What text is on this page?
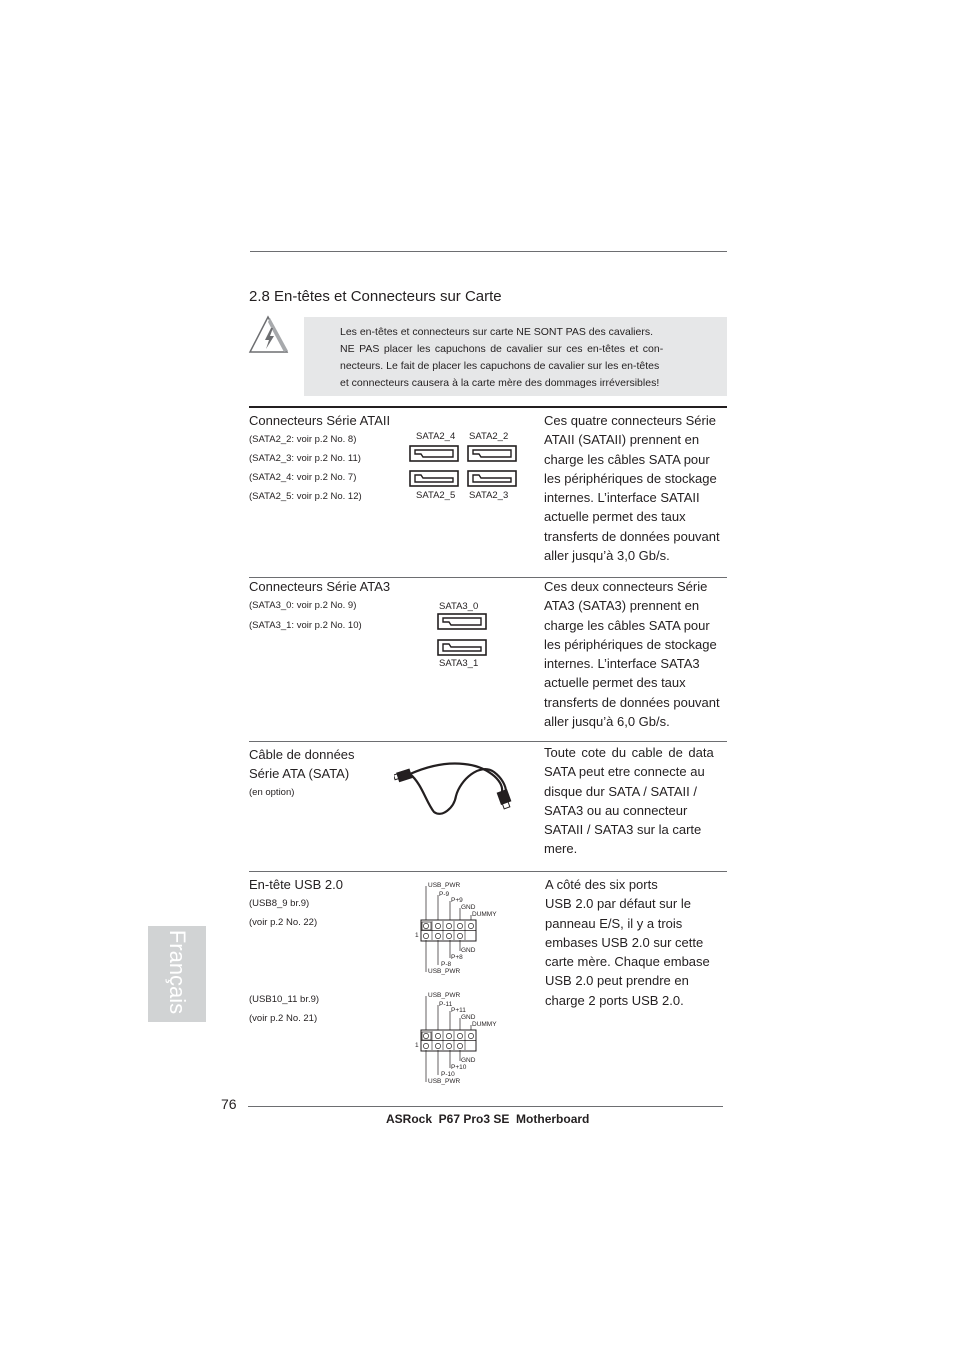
2.8 En-têtes et Connecteurs sur Carte
Les en-têtes et connecteurs sur carte NE SONT PAS des cavaliers.
NE PAS placer les capuchons de cavalier sur ces en-têtes et con-
necteurs. Le fait de placer les capuchons de cavalier sur les en-têtes
et connecteurs causera à la carte mère des dommages irréversibles!
Connecteurs Série ATAII
(SATA2_2: voir p.2 No. 8)
(SATA2_3: voir p.2 No. 11)
(SATA2_4: voir p.2 No. 7)
(SATA2_5: voir p.2 No. 12)
SATA2_4 SATA2_2
SATA2_5 SATA2_3
Ces quatre connecteurs Série
ATAII (SATAII) prennent en
charge les câbles SATA pour
les périphériques de stockage
internes. L’interface SATAII
actuelle permet des taux
transferts de données pouvant
aller jusqu’à 3,0 Gb/s.
Connecteurs Série ATA3
(SATA3_0: voir p.2 No. 9)
(SATA3_1: voir p.2 No. 10)
SATA3_0
SATA3_1
Ces deux connecteurs Série
ATA3 (SATA3) prennent en
charge les câbles SATA pour
les périphériques de stockage
internes. L’interface SATA3
actuelle permet des taux
transferts de données pouvant
aller jusqu’à 6,0 Gb/s.
Câble de données
Série ATA (SATA)
(en option)
Toute cote du cable de data
SATA peut etre connecte au
disque dur SATA / SATAII /
SATA3 ou au connecteur
SATAII / SATA3 sur la carte
mere.
En-tête USB 2.0
(USB8_9 br.9)
(voir p.2 No. 22)
(USB10_11 br.9)
(voir p.2 No. 21)
USB_PWR
P-9
P+9
GND
DUMMY
1
GND
P+8
P-8
USB_PWR
USB_PWR
P-11
P+11
GND
DUMMY
1
GND
P+10
P-10
USB_PWR
A côté des six ports
USB 2.0 par défaut sur le
panneau E/S, il y a trois
embases USB 2.0 sur cette
carte mère. Chaque embase
USB 2.0 peut prendre en
charge 2 ports USB 2.0.
Français
76
ASRock  P67 Pro3 SE  Motherboard
